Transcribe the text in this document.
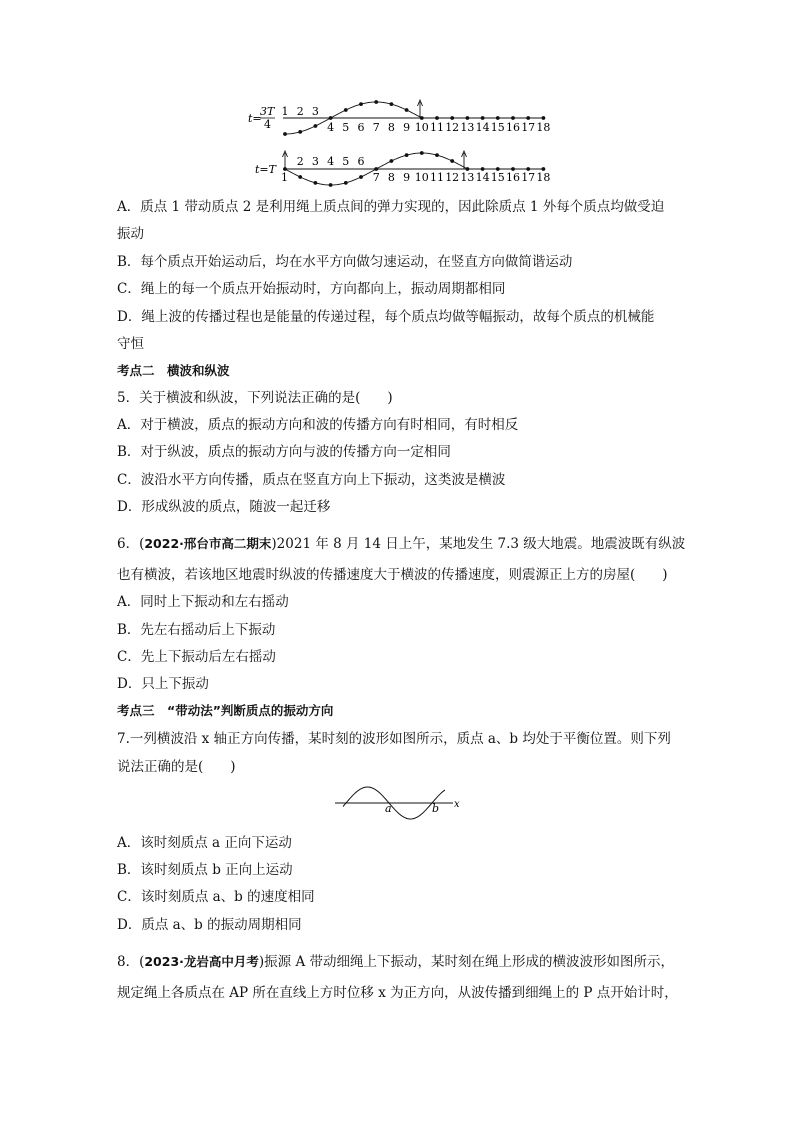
t=
3T
4
1 2 3
4 5 6 7 8 9 10 11 12 13 14 15 16 17 18
t=T
1
2 3 4 5 6
7 8 9 10 11 12 13 14 15 16 17 18
A．质点 1 带动质点 2 是利用绳上质点间的弹力实现的，因此除质点 1 外每个质点均做受迫
振动
B．每个质点开始运动后，均在水平方向做匀速运动，在竖直方向做简谐运动
C．绳上的每一个质点开始振动时，方向都向上，振动周期都相同
D．绳上波的传播过程也是能量的传递过程，每个质点均做等幅振动，故每个质点的机械能
守恒
考点二　横波和纵波
5．关于横波和纵波，下列说法正确的是(　　)
A．对于横波，质点的振动方向和波的传播方向有时相同，有时相反
B．对于纵波，质点的振动方向与波的传播方向一定相同
C．波沿水平方向传播，质点在竖直方向上下振动，这类波是横波
D．形成纵波的质点，随波一起迁移
6．(2022·邢台市高二期末)2021 年 8 月 14 日上午，某地发生 7.3 级大地震。地震波既有纵波
也有横波，若该地区地震时纵波的传播速度大于横波的传播速度，则震源正上方的房屋(　　)
A．同时上下振动和左右摇动
B．先左右摇动后上下振动
C．先上下振动后左右摇动
D．只上下振动
考点三　“带动法”判断质点的振动方向
7.一列横波沿 x 轴正方向传播，某时刻的波形如图所示，质点 a、b 均处于平衡位置。则下列
说法正确的是(　　)
a	b x
A．该时刻质点 a 正向下运动
B．该时刻质点 b 正向上运动
C．该时刻质点 a、b 的速度相同
D．质点 a、b 的振动周期相同
8．(2023·龙岩高中月考)振源 A 带动细绳上下振动，某时刻在绳上形成的横波波形如图所示，
规定绳上各质点在 AP 所在直线上方时位移 x 为正方向，从波传播到细绳上的 P 点开始计时，
